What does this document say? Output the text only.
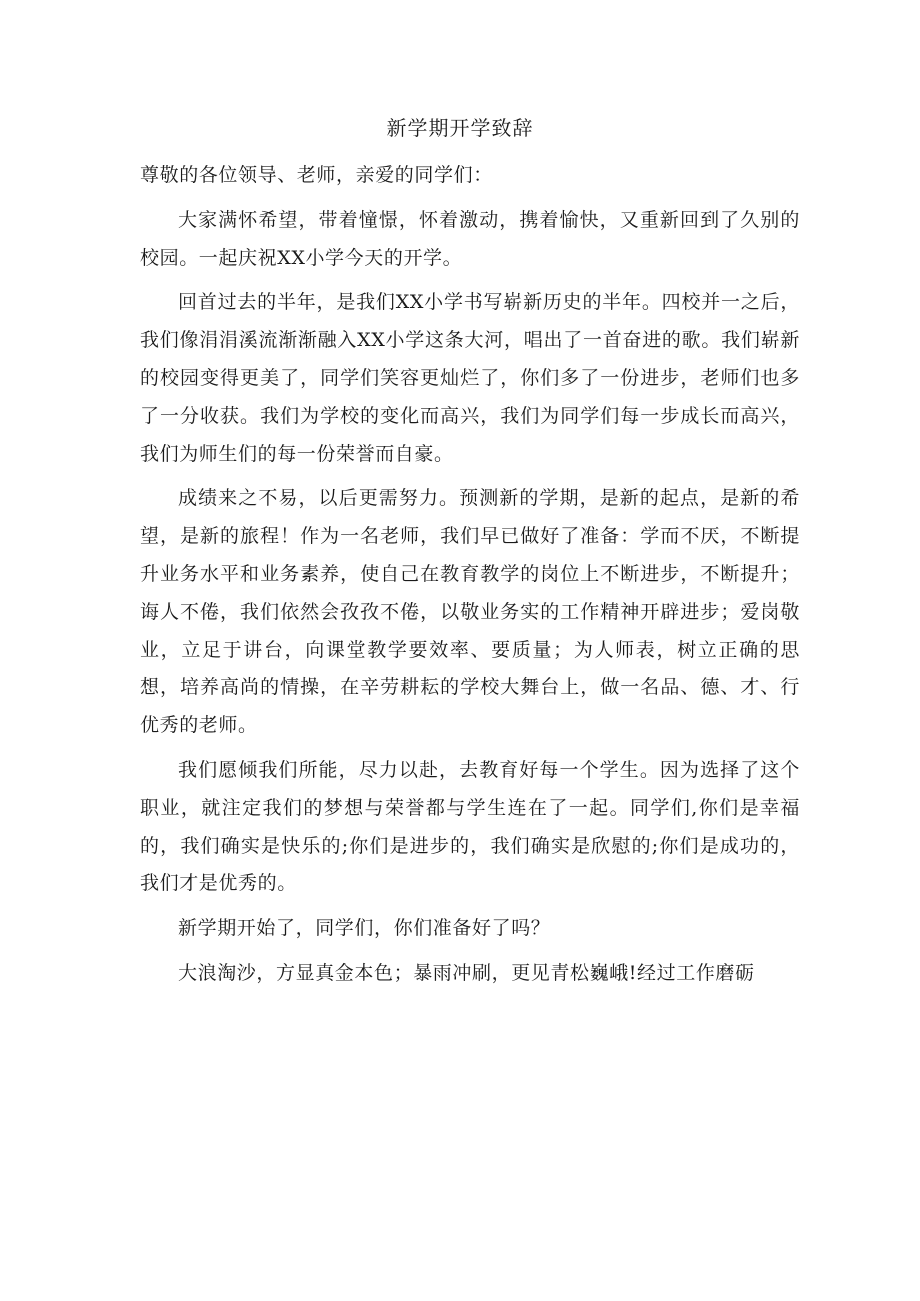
新学期开学致辞

尊敬的各位领导、老师，亲爱的同学们：

大家满怀希望，带着憧憬，怀着激动，携着愉快，又重新回到了久别的校园。一起庆祝XX小学今天的开学。

回首过去的半年，是我们XX小学书写崭新历史的半年。四校并一之后，我们像涓涓溪流渐渐融入XX小学这条大河，唱出了一首奋进的歌。我们崭新的校园变得更美了，同学们笑容更灿烂了，你们多了一份进步，老师们也多了一分收获。我们为学校的变化而高兴，我们为同学们每一步成长而高兴，我们为师生们的每一份荣誉而自豪。

成绩来之不易，以后更需努力。预测新的学期，是新的起点，是新的希望，是新的旅程！作为一名老师，我们早已做好了准备：学而不厌，不断提升业务水平和业务素养，使自己在教育教学的岗位上不断进步，不断提升；诲人不倦，我们依然会孜孜不倦，以敬业务实的工作精神开辟进步；爱岗敬业，立足于讲台，向课堂教学要效率、要质量；为人师表，树立正确的思想，培养高尚的情操，在辛劳耕耘的学校大舞台上，做一名品、德、才、行优秀的老师。

我们愿倾我们所能，尽力以赴，去教育好每一个学生。因为选择了这个职业，就注定我们的梦想与荣誉都与学生连在了一起。同学们,你们是幸福的，我们确实是快乐的;你们是进步的，我们确实是欣慰的;你们是成功的，我们才是优秀的。

新学期开始了，同学们，你们准备好了吗？

大浪淘沙，方显真金本色；暴雨冲刷，更见青松巍峨!经过工作磨砺
